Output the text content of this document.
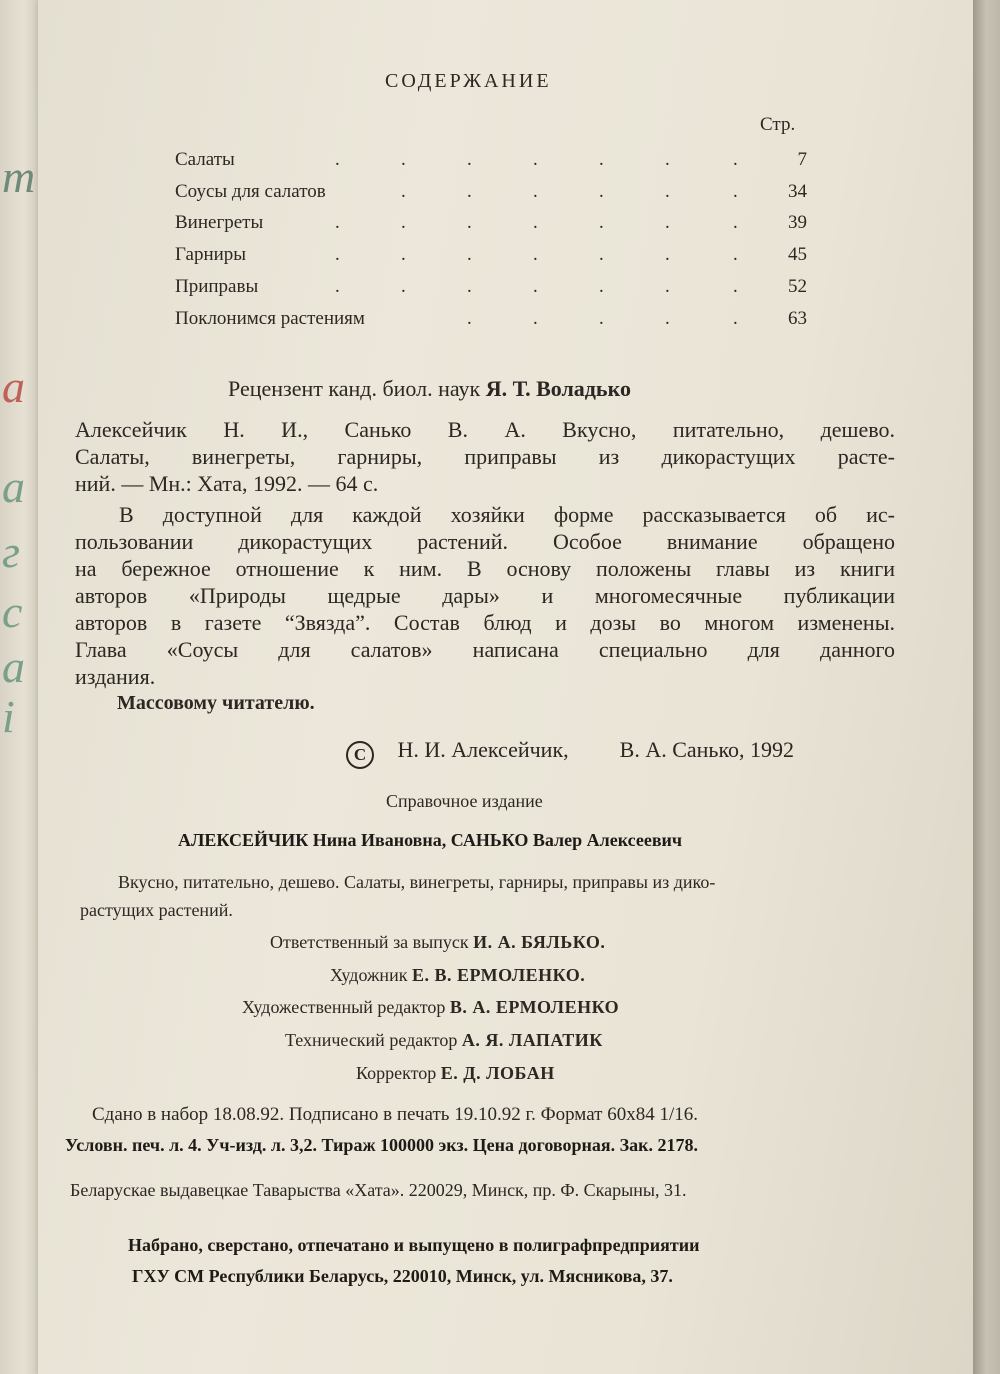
т
а
а
г
с
а
і
СОДЕРЖАНИЕ
Стр.
Салаты	.	.	.	.	.	.	.	7
Соусы для салатов	.	.	.	.	.	.	34
Винегреты	.	.	.	.	.	.	.	39
Гарниры	.	.	.	.	.	.	.	45
Приправы	.	.	.	.	.	.	.	52
Поклонимся растениям	.	.	.	.	.	63
Рецензент канд. биол. наук Я. Т. Воладько
Алексейчик Н. И., Санько В. А. Вкусно, питательно, дешево.
Салаты, винегреты, гарниры, приправы из дикорастущих расте-
ний. — Мн.: Хата, 1992. — 64 с.
В доступной для каждой хозяйки форме рассказывается об ис-
пользовании дикорастущих растений. Особое внимание обращено
на бережное отношение к ним. В основу положены главы из книги
авторов «Природы щедрые дары» и многомесячные публикации
авторов в газете “Звязда”. Состав блюд и дозы во многом изменены.
Глава «Соусы для салатов» написана специально для данного
издания.
Массовому читателю.
C Н. И. Алексейчик, В. А. Санько, 1992
Справочное издание
АЛЕКСЕЙЧИК Нина Ивановна, САНЬКО Валер Алексеевич
Вкусно, питательно, дешево. Салаты, винегреты, гарниры, приправы из дико-
растущих растений.
Ответственный за выпуск И. А. БЯЛЬКО.
Художник Е. В. ЕРМОЛЕНКО.
Художественный редактор В. А. ЕРМОЛЕНКО
Технический редактор А. Я. ЛАПАТИК
Корректор Е. Д. ЛОБАН
Сдано в набор 18.08.92. Подписано в печать 19.10.92 г. Формат 60х84 1/16.
Условн. печ. л. 4. Уч-изд. л. 3,2. Тираж 100000 экз. Цена договорная. Зак. 2178.
Беларускае выдавецкае Таварыства «Хата». 220029, Минск, пр. Ф. Скарыны, 31.
Набрано, сверстано, отпечатано и выпущено в полиграфпредприятии
ГХУ СМ Республики Беларусь, 220010, Минск, ул. Мясникова, 37.
